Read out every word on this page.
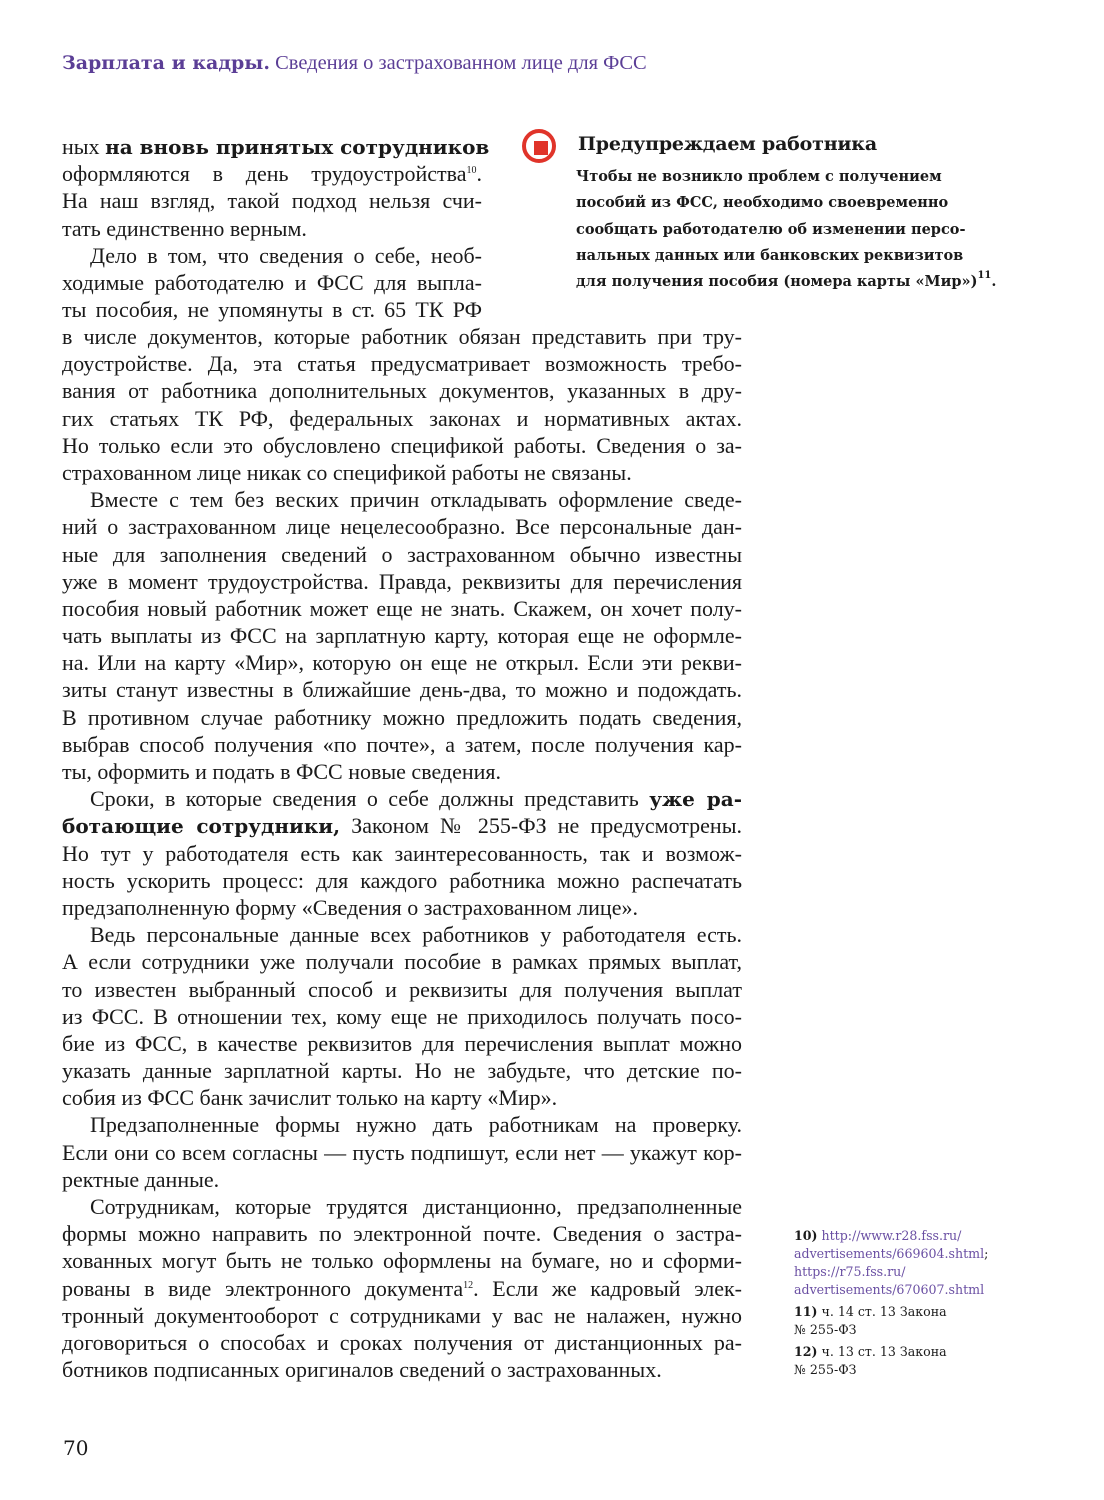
Зарплата и кадры. Сведения о застрахованном лице для ФСС
ных на вновь принятых сотрудников
оформляются в день трудоустройства$^{10}$.
На наш взгляд, такой подход нельзя счи-
тать единственно верным.
Дело в том, что сведения о себе, необ-
ходимые работодателю и ФСС для выпла-
ты пособия, не упомянуты в ст. 65 ТК РФ
в числе документов, которые работник обязан представить при тру-
доустройстве. Да, эта статья предусматривает возможность требо-
вания от работника дополнительных документов, указанных в дру-
гих статьях ТК РФ, федеральных законах и нормативных актах.
Но только если это обусловлено спецификой работы. Сведения о за-
страхованном лице никак со спецификой работы не связаны.
Вместе с тем без веских причин откладывать оформление сведе-
ний о застрахованном лице нецелесообразно. Все персональные дан-
ные для заполнения сведений о застрахованном обычно известны
уже в момент трудоустройства. Правда, реквизиты для перечисления
пособия новый работник может еще не знать. Скажем, он хочет полу-
чать выплаты из ФСС на зарплатную карту, которая еще не оформле-
на. Или на карту «Мир», которую он еще не открыл. Если эти рекви-
зиты станут известны в ближайшие день-два, то можно и подождать.
В противном случае работнику можно предложить подать сведения,
выбрав способ получения «по почте», а затем, после получения кар-
ты, оформить и подать в ФСС новые сведения.
Сроки, в которые сведения о себе должны представить уже ра-
ботающие сотрудники, Законом № 255-ФЗ не предусмотрены.
Но тут у работодателя есть как заинтересованность, так и возмож-
ность ускорить процесс: для каждого работника можно распечатать
предзаполненную форму «Сведения о застрахованном лице».
Ведь персональные данные всех работников у работодателя есть.
А если сотрудники уже получали пособие в рамках прямых выплат,
то известен выбранный способ и реквизиты для получения выплат
из ФСС. В отношении тех, кому еще не приходилось получать посо-
бие из ФСС, в качестве реквизитов для перечисления выплат можно
указать данные зарплатной карты. Но не забудьте, что детские по-
собия из ФСС банк зачислит только на карту «Мир».
Предзаполненные формы нужно дать работникам на проверку.
Если они со всем согласны — пусть подпишут, если нет — укажут кор-
ректные данные.
Сотрудникам, которые трудятся дистанционно, предзаполненные
формы можно направить по электронной почте. Сведения о застра-
хованных могут быть не только оформлены на бумаге, но и сформи-
рованы в виде электронного документа$^{12}$. Если же кадровый элек-
тронный документооборот с сотрудниками у вас не налажен, нужно
договориться о способах и сроках получения от дистанционных ра-
ботников подписанных оригиналов сведений о застрахованных.
Предупреждаем работника
Чтобы не возникло проблем с получением
пособий из ФСС, необходимо своевременно
сообщать работодателю об изменении персо-
нальных данных или банковских реквизитов
для получения пособия (номера карты «Мир»)$^{11}$.
10) http://www.r28.fss.ru/
advertisements/669604.shtml;
https://r75.fss.ru/
advertisements/670607.shtml
11) ч. 14 ст. 13 Закона
№ 255-ФЗ
12) ч. 13 ст. 13 Закона
№ 255-ФЗ
70
